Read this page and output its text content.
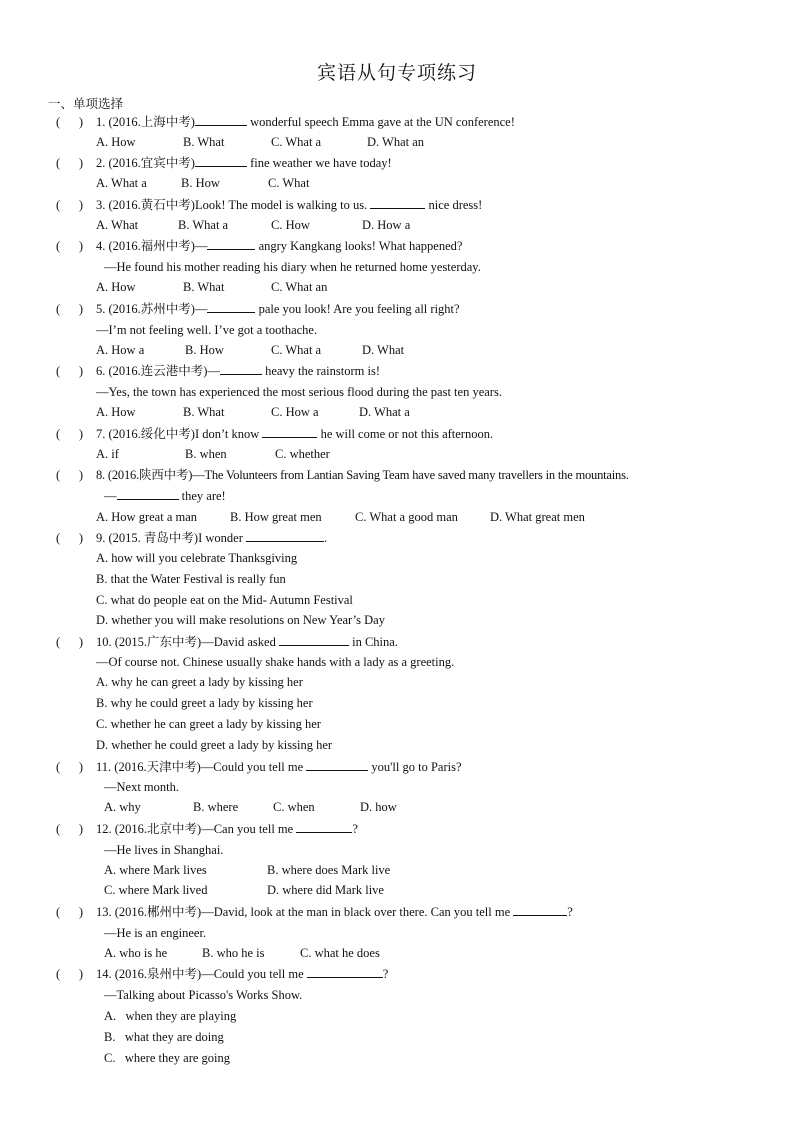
宾语从句专项练习
一、单项选择
(      ) 1. (2016.上海中考)	wonderful speech Emma gave at the UN conference!
A. How	B. What	C. What a	D. What an
(      ) 2. (2016.宜宾中考)	fine weather we have today!
A. What a	B. How	C. What
(      ) 3. (2016.黄石中考)Look! The model is walking to us.	nice dress!
A. What	B. What a	C. How	D. How a
(      ) 4. (2016.福州中考)—	angry Kangkang looks! What happened?
—He found his mother reading his diary when he returned home yesterday.
A. How	B. What	C. What an
(      ) 5. (2016.苏州中考)—	pale you look! Are you feeling all right?
—I’m not feeling well. I’ve got a toothache.
A. How a	B. How	C. What a	D. What
(      ) 6. (2016.连云港中考)—	heavy the rainstorm is!
—Yes, the town has experienced the most serious flood during the past ten years.
A. How	B. What	C. How a	D. What a
(      ) 7. (2016.绥化中考)I don’t know	he will come or not this afternoon.
A. if	B. when	C. whether
(      ) 8. (2016.陕西中考)—The Volunteers from Lantian Saving Team have saved many travellers in the mountains.
—	they are!
A. How great a man	B. How great men	C. What a good man	D. What great men
(      ) 9. (2015. 青岛中考)I wonder	.
A. how will you celebrate Thanksgiving
B. that the Water Festival is really fun
C. what do people eat on the Mid- Autumn Festival
D. whether you will make resolutions on New Year’s Day
(      ) 10. (2015.广东中考)—David asked	in China.
—Of course not. Chinese usually shake hands with a lady as a greeting.
A. why he can greet a lady by kissing her
B. why he could greet a lady by kissing her
C. whether he can greet a lady by kissing her
D. whether he could greet a lady by kissing her
(      ) 11. (2016.天津中考)—Could you tell me	you'll go to Paris?
—Next month.
A. why	B. where	C. when	D. how
(      ) 12. (2016.北京中考)—Can you tell me	?
—He lives in Shanghai.
A. where Mark lives	B. where does Mark live
C. where Mark lived	D. where did Mark live
(      ) 13. (2016.郴州中考)—David, look at the man in black over there. Can you tell me	?
—He is an engineer.
A. who is he	B. who he is	C. what he does
(      ) 14. (2016.泉州中考)—Could you tell me	?
—Talking about Picasso's Works Show.
A.   when they are playing
B.   what they are doing
C.   where they are going
